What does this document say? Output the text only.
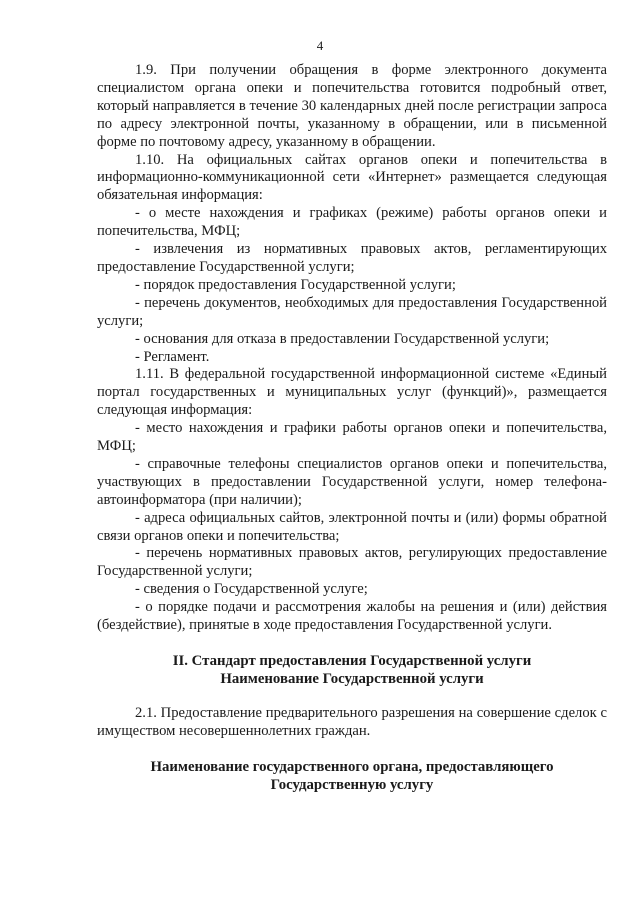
4

1.9. При получении обращения в форме электронного документа специалистом органа опеки и попечительства готовится подробный ответ, который направляется в течение 30 календарных дней после регистрации запроса по адресу электронной почты, указанному в обращении, или в письменной форме по почтовому адресу, указанному в обращении.

1.10. На официальных сайтах органов опеки и попечительства в информационно-коммуникационной сети «Интернет» размещается следующая обязательная информация:

- о месте нахождения и графиках (режиме) работы органов опеки и попечительства, МФЦ;

- извлечения из нормативных правовых актов, регламентирующих предоставление Государственной услуги;

- порядок предоставления Государственной услуги;

- перечень документов, необходимых для предоставления Государственной услуги;

- основания для отказа в предоставлении Государственной услуги;

- Регламент.

1.11. В федеральной государственной информационной системе «Единый портал государственных и муниципальных услуг (функций)», размещается следующая информация:

- место нахождения и графики работы органов опеки и попечительства, МФЦ;

- справочные телефоны специалистов органов опеки и попечительства, участвующих в предоставлении Государственной услуги, номер телефона-автоинформатора (при наличии);

- адреса официальных сайтов, электронной почты и (или) формы обратной связи органов опеки и попечительства;

- перечень нормативных правовых актов, регулирующих предоставление Государственной услуги;

- сведения о Государственной услуге;

- о порядке подачи и рассмотрения жалобы на решения и (или) действия (бездействие), принятые в ходе предоставления Государственной услуги.

II. Стандарт предоставления Государственной услуги

Наименование Государственной услуги

2.1. Предоставление предварительного разрешения на совершение сделок с имуществом несовершеннолетних граждан.

Наименование государственного органа, предоставляющего

Государственную услугу
